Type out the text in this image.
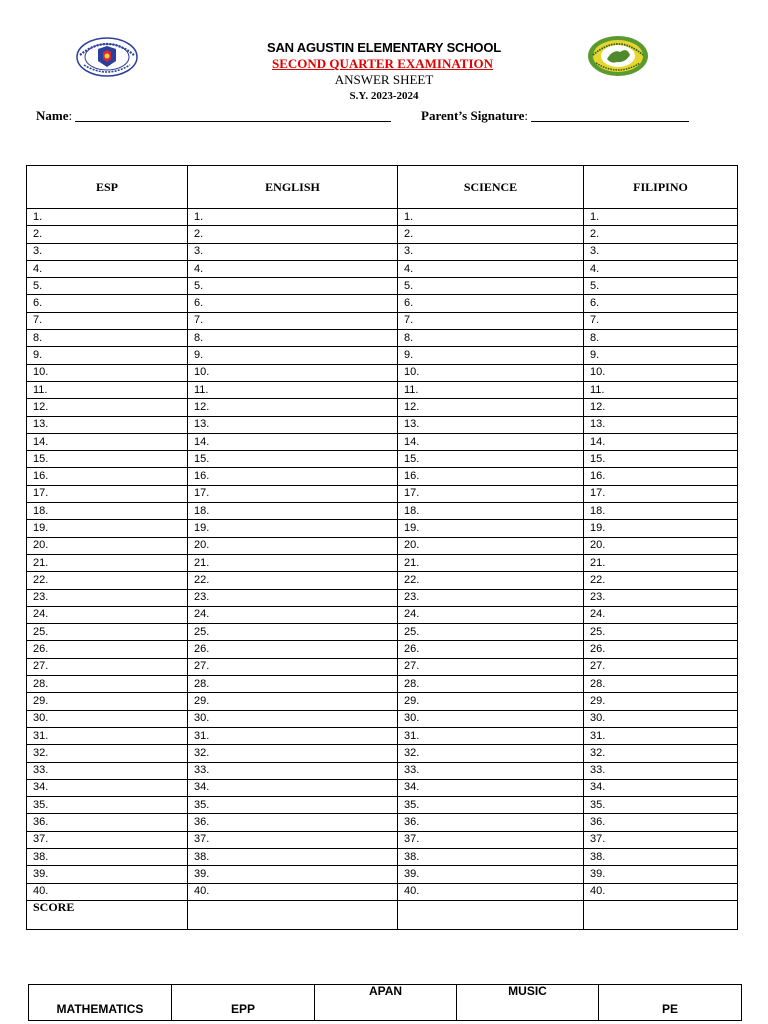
SAN AGUSTIN ELEMENTARY SCHOOL
SECOND QUARTER EXAMINATION
ANSWER SHEET
S.Y. 2023-2024
Name:	Parent’s Signature:
ESP	ENGLISH	SCIENCE	FILIPINO
1.	1.	1.	1.
2.	2.	2.	2.
3.	3.	3.	3.
4.	4.	4.	4.
5.	5.	5.	5.
6.	6.	6.	6.
7.	7.	7.	7.
8.	8.	8.	8.
9.	9.	9.	9.
10.	10.	10.	10.
11.	11.	11.	11.
12.	12.	12.	12.
13.	13.	13.	13.
14.	14.	14.	14.
15.	15.	15.	15.
16.	16.	16.	16.
17.	17.	17.	17.
18.	18.	18.	18.
19.	19.	19.	19.
20.	20.	20.	20.
21.	21.	21.	21.
22.	22.	22.	22.
23.	23.	23.	23.
24.	24.	24.	24.
25.	25.	25.	25.
26.	26.	26.	26.
27.	27.	27.	27.
28.	28.	28.	28.
29.	29.	29.	29.
30.	30.	30.	30.
31.	31.	31.	31.
32.	32.	32.	32.
33.	33.	33.	33.
34.	34.	34.	34.
35.	35.	35.	35.
36.	36.	36.	36.
37.	37.	37.	37.
38.	38.	38.	38.
39.	39.	39.	39.
40.	40.	40.	40.
SCORE			
MATHEMATICS	EPP	APAN	MUSIC	PE
